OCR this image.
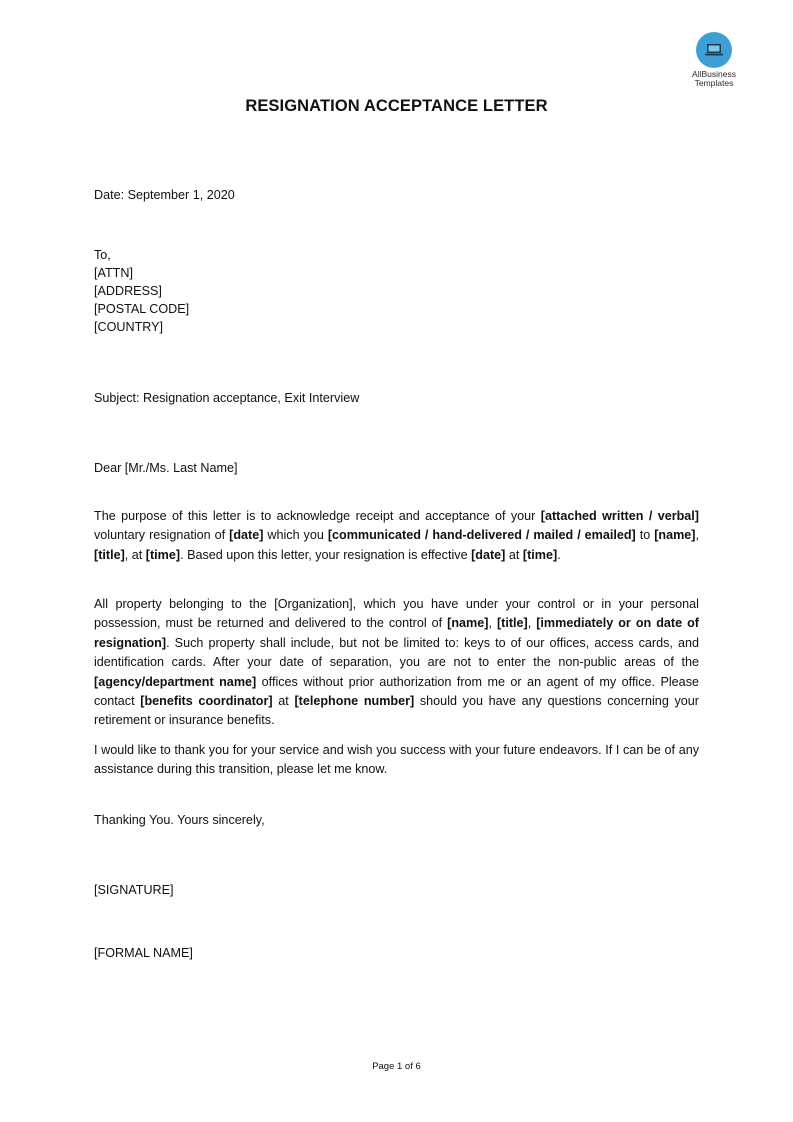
AllBusiness
Templates
RESIGNATION ACCEPTANCE LETTER
Date: September 1, 2020
To,
[ATTN]
[ADDRESS]
[POSTAL CODE]
[COUNTRY]
Subject: Resignation acceptance, Exit Interview
Dear [Mr./Ms. Last Name]
The purpose of this letter is to acknowledge receipt and acceptance of your [attached written / verbal] voluntary resignation of [date] which you [communicated / hand-delivered / mailed / emailed] to [name], [title], at [time]. Based upon this letter, your resignation is effective [date] at [time].
All property belonging to the [Organization], which you have under your control or in your personal possession, must be returned and delivered to the control of [name], [title], [immediately or on date of resignation]. Such property shall include, but not be limited to: keys to of our offices, access cards, and identification cards. After your date of separation, you are not to enter the non-public areas of the [agency/department name] offices without prior authorization from me or an agent of my office. Please contact [benefits coordinator] at [telephone number] should you have any questions concerning your retirement or insurance benefits.
I would like to thank you for your service and wish you success with your future endeavors. If I can be of any assistance during this transition, please let me know.
Thanking You. Yours sincerely,
[SIGNATURE]
[FORMAL NAME]
Page 1 of 6
